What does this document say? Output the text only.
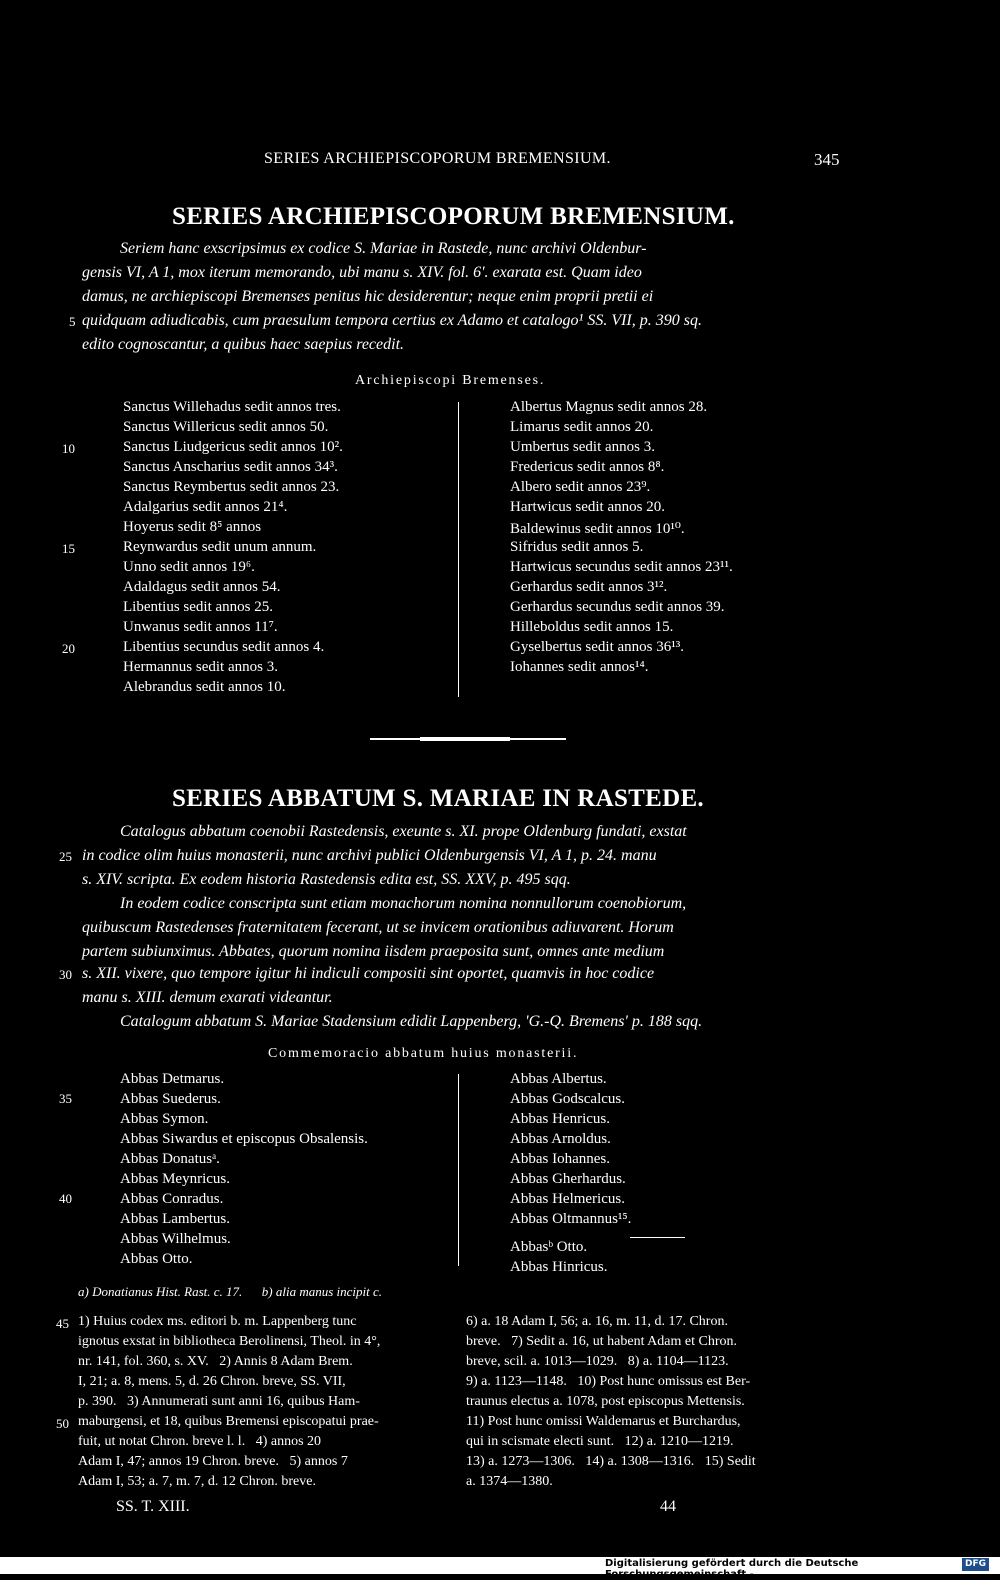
SERIES ARCHIEPISCOPORUM BREMENSIUM.	345
SERIES ARCHIEPISCOPORUM BREMENSIUM.
Seriem hanc exscripsimus ex codice S. Mariae in Rastede, nunc archivi Oldenbur-
gensis VI, A 1, mox iterum memorando, ubi manu s. XIV. fol. 6'. exarata est. Quam ideo
damus, ne archiepiscopi Bremenses penitus hic desiderentur; neque enim proprii pretii ei
5 quidquam adiudicabis, cum praesulum tempora certius ex Adamo et catalogo¹ SS. VII, p. 390 sq.
edito cognoscantur, a quibus haec saepius recedit.
Archiepiscopi Bremenses.
Sanctus Willehadus sedit annos tres.
Sanctus Willericus sedit annos 50.
Sanctus Liudgericus sedit annos 10².
Sanctus Anscharius sedit annos 34³.
Sanctus Reymbertus sedit annos 23.
Adalgarius sedit annos 21⁴.
Hoyerus sedit 8⁵ annos
Reynwardus sedit unum annum.
Unno sedit annos 19⁶.
Adaldagus sedit annos 54.
Libentius sedit annos 25.
Unwanus sedit annos 11⁷.
Libentius secundus sedit annos 4.
Hermannus sedit annos 3.
Alebrandus sedit annos 10.
10
15
20
Albertus Magnus sedit annos 28.
Limarus sedit annos 20.
Umbertus sedit annos 3.
Fredericus sedit annos 8⁸.
Albero sedit annos 23⁹.
Hartwicus sedit annos 20.
Baldewinus sedit annos 10¹⁰.
Sifridus sedit annos 5.
Hartwicus secundus sedit annos 23¹¹.
Gerhardus sedit annos 3¹².
Gerhardus secundus sedit annos 39.
Hilleboldus sedit annos 15.
Gyselbertus sedit annos 36¹³.
Iohannes sedit annos¹⁴.
SERIES ABBATUM S. MARIAE IN RASTEDE.
Catalogus abbatum coenobii Rastedensis, exeunte s. XI. prope Oldenburg fundati, exstat
25 in codice olim huius monasterii, nunc archivi publici Oldenburgensis VI, A 1, p. 24. manu
s. XIV. scripta. Ex eodem historia Rastedensis edita est, SS. XXV, p. 495 sqq.
In eodem codice conscripta sunt etiam monachorum nomina nonnullorum coenobiorum,
quibuscum Rastedenses fraternitatem fecerant, ut se invicem orationibus adiuvarent. Horum
partem subiunximus. Abbates, quorum nomina iisdem praeposita sunt, omnes ante medium
30 s. XII. vixere, quo tempore igitur hi indiculi compositi sint oportet, quamvis in hoc codice
manu s. XIII. demum exarati videantur.
Catalogum abbatum S. Mariae Stadensium edidit Lappenberg, 'G.-Q. Bremens' p. 188 sqq.
Commemoracio abbatum huius monasterii.
Abbas Detmarus.
Abbas Suederus.
Abbas Symon.
Abbas Siwardus et episcopus Obsalensis.
Abbas Donatusᵃ.
Abbas Meynricus.
Abbas Conradus.
Abbas Lambertus.
Abbas Wilhelmus.
Abbas Otto.
35
40
Abbas Albertus.
Abbas Godscalcus.
Abbas Henricus.
Abbas Arnoldus.
Abbas Iohannes.
Abbas Gherhardus.
Abbas Helmericus.
Abbas Oltmannus¹⁵.
Abbasᵇ Otto.
Abbas Hinricus.
a) Donatianus Hist. Rast. c. 17.      b) alia manus incipit c.
45
50
1) Huius codex ms. editori b. m. Lappenberg tunc
ignotus exstat in bibliotheca Berolinensi, Theol. in 4°,
nr. 141, fol. 360, s. XV.   2) Annis 8 Adam Brem.
I, 21; a. 8, mens. 5, d. 26 Chron. breve, SS. VII,
p. 390.   3) Annumerati sunt anni 16, quibus Ham-
maburgensi, et 18, quibus Bremensi episcopatui prae-
fuit, ut notat Chron. breve l. l.   4) annos 20
Adam I, 47; annos 19 Chron. breve.   5) annos 7
Adam I, 53; a. 7, m. 7, d. 12 Chron. breve.
6) a. 18 Adam I, 56; a. 16, m. 11, d. 17. Chron.
breve.   7) Sedit a. 16, ut habent Adam et Chron.
breve, scil. a. 1013—1029.   8) a. 1104—1123.
9) a. 1123—1148.   10) Post hunc omissus est Ber-
traunus electus a. 1078, post episcopus Mettensis.
11) Post hunc omissi Waldemarus et Burchardus,
qui in scismate electi sunt.   12) a. 1210—1219.
13) a. 1273—1306.   14) a. 1308—1316.   15) Sedit
a. 1374—1380.
SS. T. XIII.	44
Digitalisierung gefördert durch die Deutsche Forschungsgemeinschaft -
DFG
